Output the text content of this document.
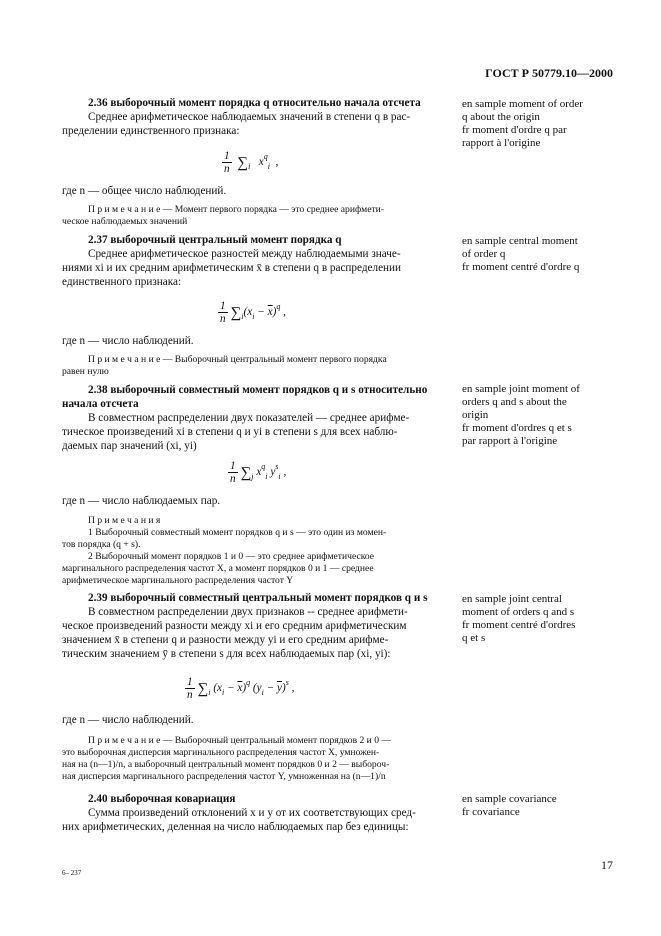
ГОСТ Р 50779.10—2000

2.36 выборочный момент порядка q относительно начала отсчета

Среднее арифметическое наблюдаемых значений в степени q в рас-

пределении единственного признака:

$\frac{1}{n} \sum_i$   $x^q_i$  ,

где n — общее число наблюдений.

П р и м е ч а н и е — Момент первого порядка — это среднее арифмети-

ческое наблюдаемых значений

en sample moment of order
q about the origin
fr moment d'ordre q par
rapport à l'origine

2.37 выборочный центральный момент порядка q

Среднее арифметическое разностей между наблюдаемыми значе-

ниями xi и их средним арифметическим x̄ в степени q в распределении

единственного признака:

$\frac{1}{n} \sum_i(x_i - \overline{x})^q$ ,

где n — число наблюдений.

П р и м е ч а н и е — Выборочный центральный момент первого порядка

равен нулю

en sample central moment
of order q
fr moment centré d'ordre q

2.38 выборочный совместный момент порядков q и s относительно

начала отсчета

В совместном распределении двух показателей — среднее арифме-

тическое произведений xi в степени q и yi в степени s для всех наблю-

даемых пар значений (xi, yi)

$\frac{1}{n} \sum_j$ $x^q_i$ $y^s_i$ ,

где n — число наблюдаемых пар.

Примечания

1 Выборочный совместный момент порядков q и s — это один из момен-

тов порядка (q + s).

2 Выборочный момент порядков 1 и 0 — это среднее арифметическое

маргинального распределения частот X, а момент порядков 0 и 1 — среднее

арифметическое маргинального распределения частот Y

en sample joint moment of
orders q and s about the
origin
fr moment d'ordres q et s
par rapport à l'origine

2.39 выборочный совместный центральный момент порядков q и s

В совместном распределении двух признаков -- среднее арифмети-

ческое произведений разности между xi и его средним арифметическим

значением x̄ в степени q и разности между yi и его средним арифме-

тическим значением ȳ в степени s для всех наблюдаемых пар (xi, yi):

$\frac{1}{n} \sum_i$ $(x_i - \overline{x})^q$ $(y_i - \overline{y})^s$ ,

где n — число наблюдений.

П р и м е ч а н и е — Выборочный центральный момент порядков 2 и 0 —

это выборочная дисперсия маргинального распределения частот X, умножен-

ная на (n—1)/n, а выборочный центральный момент порядков 0 и 2 — выбороч-

ная дисперсия маргинального распределения частот Y, умноженная на (n—1)/n

en sample joint central
moment of orders q and s
fr moment centré d'ordres
q et s

2.40 выборочная ковариация

Сумма произведений отклонений x и y от их соответствующих сред-

них арифметических, деленная на число наблюдаемых пар без единицы:

en sample covariance
fr covariance
6– 237
17
